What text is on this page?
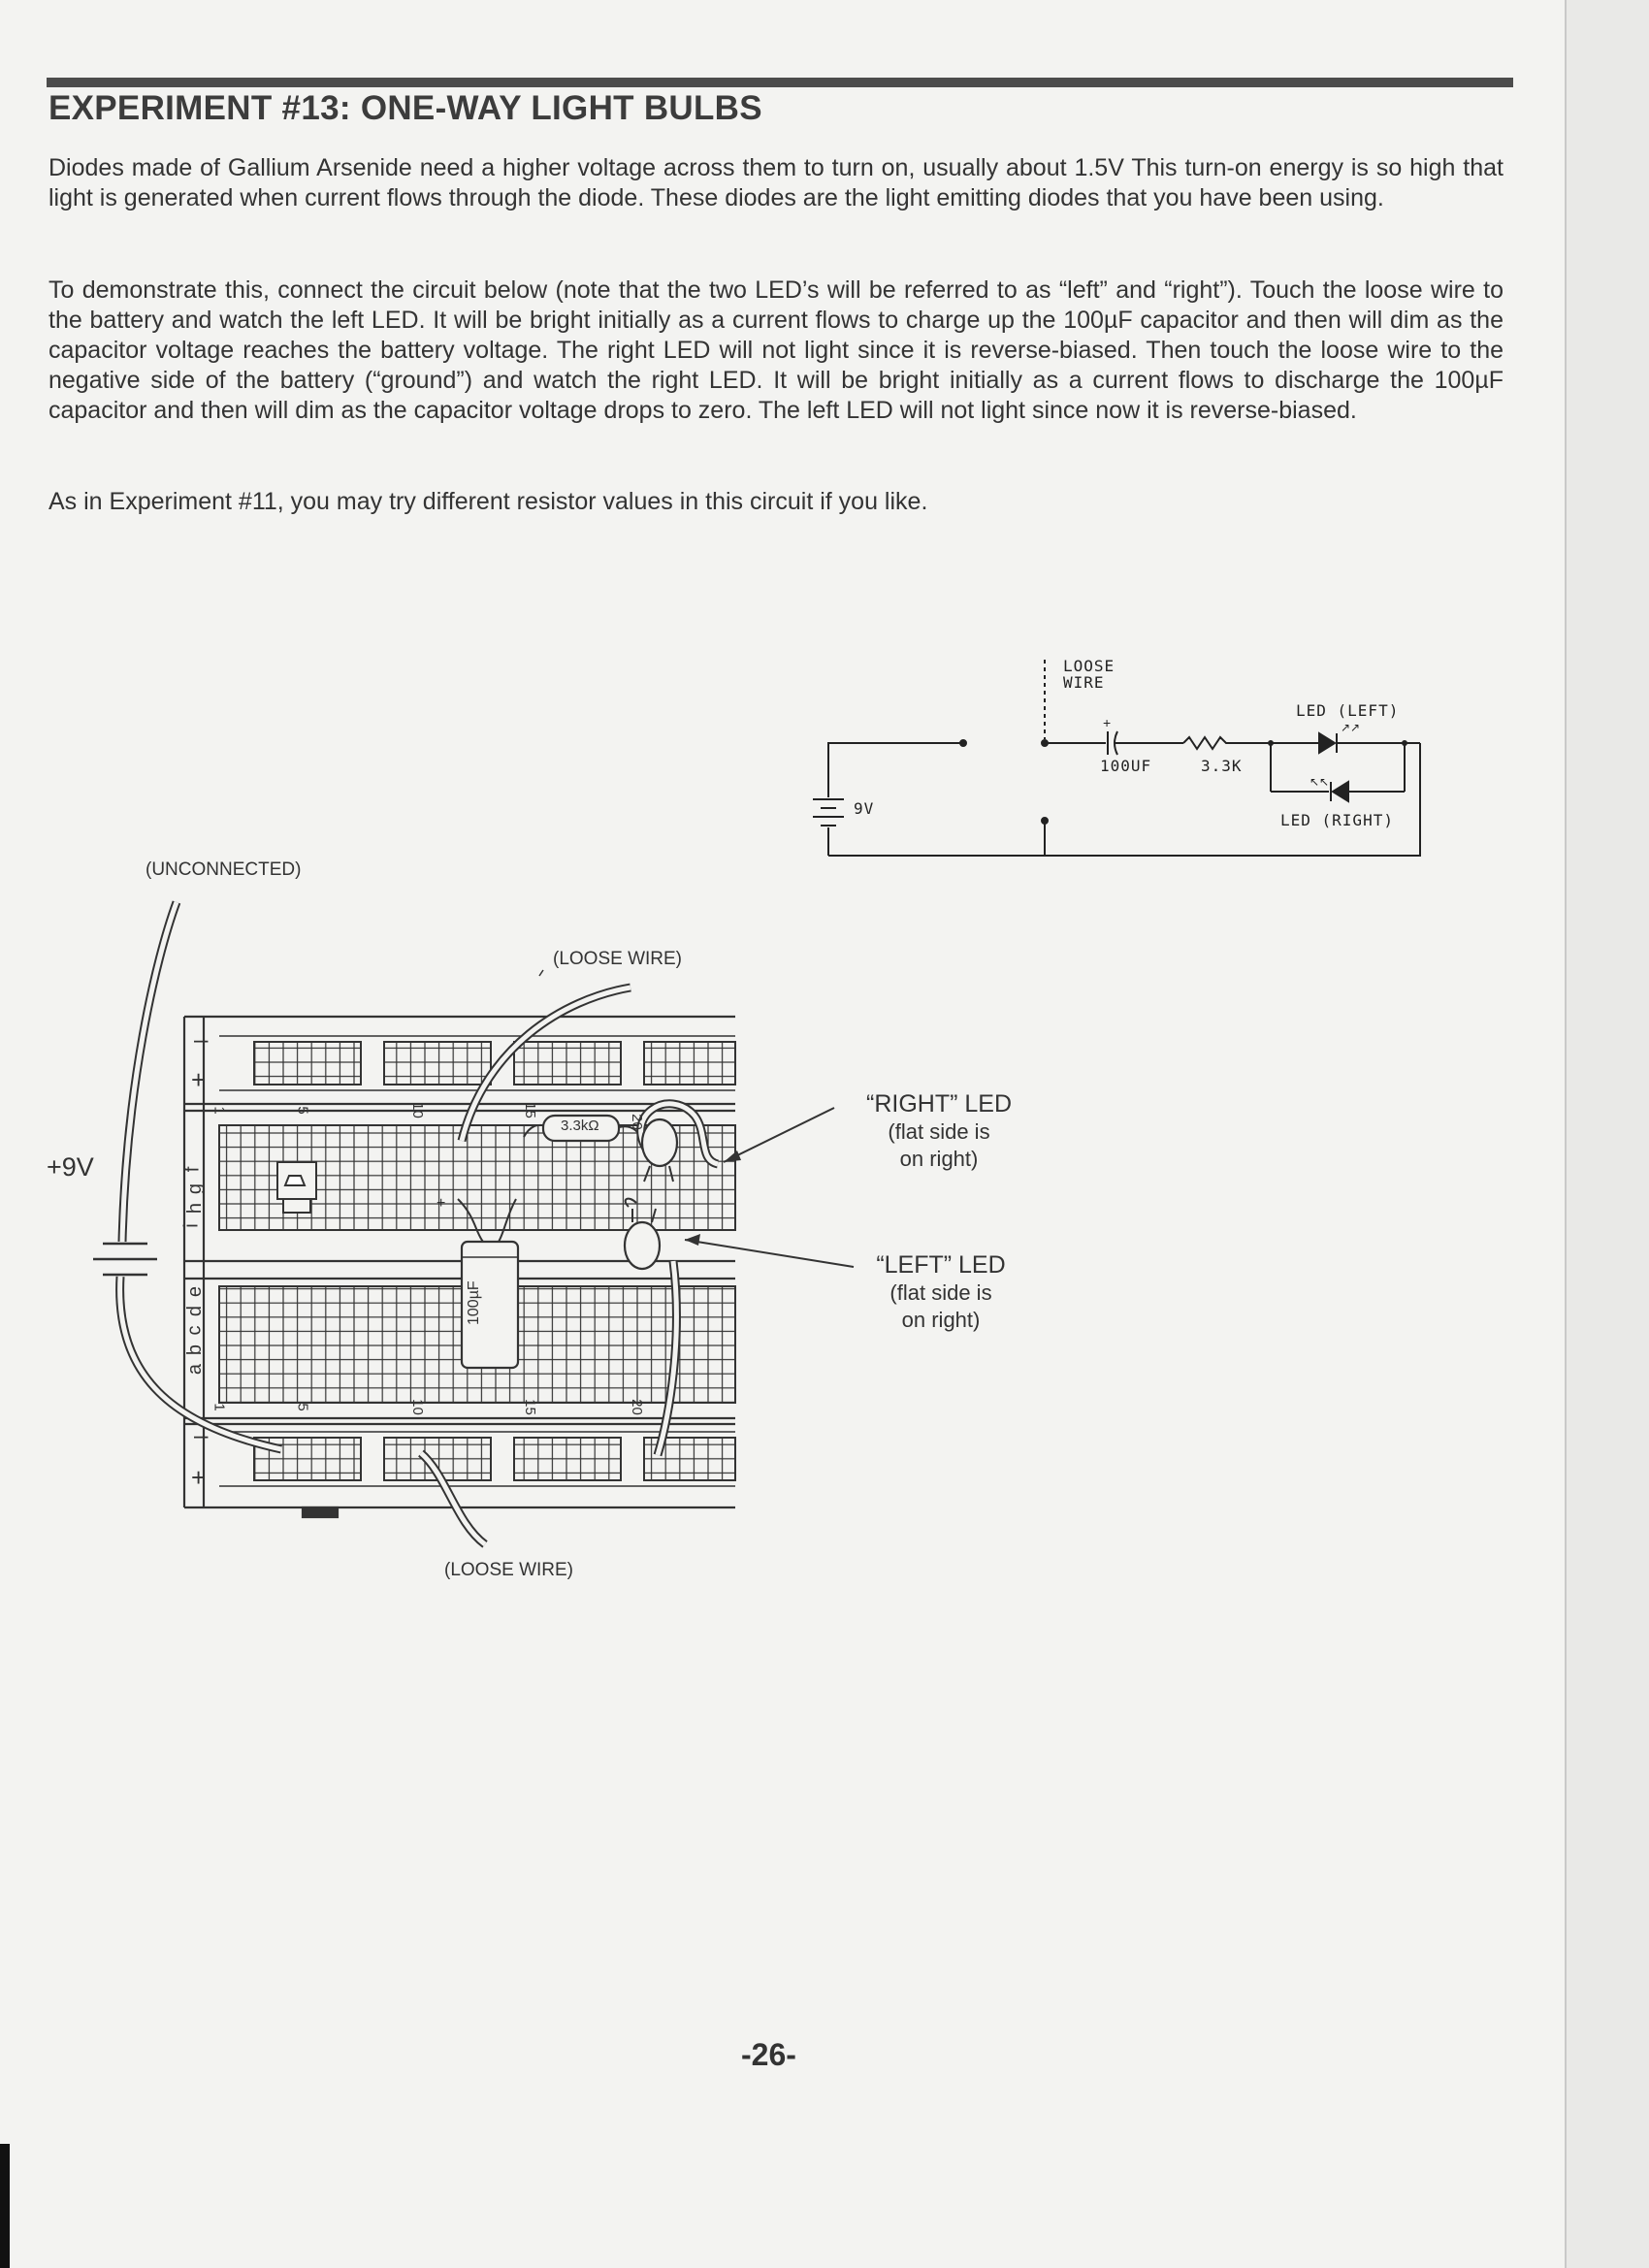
EXPERIMENT #13: ONE-WAY LIGHT BULBS
Diodes made of Gallium Arsenide need a higher voltage across them to turn on, usually about 1.5V This turn-on energy is so high that light is generated when current flows through the diode. These diodes are the light emitting diodes that you have been using.
To demonstrate this, connect the circuit below (note that the two LED’s will be referred to as “left” and “right”). Touch the loose wire to the battery and watch the left LED. It will be bright initially as a current flows to charge up the 100µF capacitor and then will dim as the capacitor voltage reaches the battery voltage. The right LED will not light since it is reverse-biased. Then touch the loose wire to the negative side of the battery (“ground”) and watch the right LED. It will be bright initially as a current flows to discharge the 100µF capacitor and then will dim as the capacitor voltage drops to zero. The left LED will not light since now it is reverse-biased.
As in Experiment #11, you may try different resistor values in this circuit if you like.
↗↗
↖↖
+
LOOSE
WIRE
100UF	3.3K
9V
LED (LEFT)
LED (RIGHT)
–
+
–
+
f
g
h
i
a
b
c
d
e
1	5	10	15
20
1	5	10	15	20
3.3kΩ
100µF
+
(UNCONNECTED)
(LOOSE WIRE)
(LOOSE WIRE)
+9V
“RIGHT” LED
(flat side is
on right)
“LEFT” LED
(flat side is
on right)
-26-
